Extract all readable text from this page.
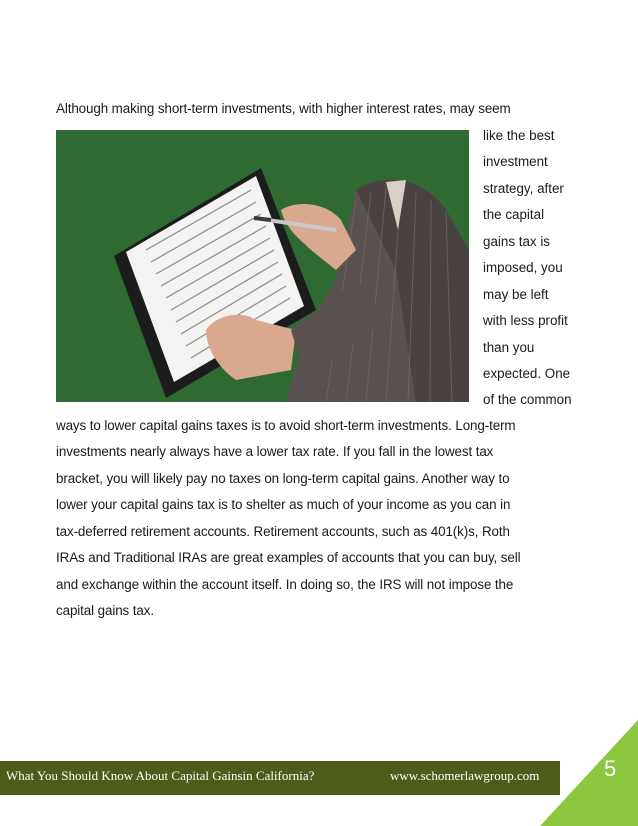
Although making short-term investments, with higher interest rates, may seem
like the best
investment
strategy, after
the capital
gains tax is
imposed, you
may be left
with less profit
than you
expected. One
of the common
ways to lower capital gains taxes is to avoid short-term investments. Long-term
investments nearly always have a lower tax rate. If you fall in the lowest tax
bracket, you will likely pay no taxes on long-term capital gains. Another way to
lower your capital gains tax is to shelter as much of your income as you can in
tax-deferred retirement accounts. Retirement accounts, such as 401(k)s, Roth
IRAs and Traditional IRAs are great examples of accounts that you can buy, sell
and exchange within the account itself. In doing so, the IRS will not impose the
capital gains tax.
What You Should Know About Capital Gainsin California?	www.schomerlawgroup.com	5
